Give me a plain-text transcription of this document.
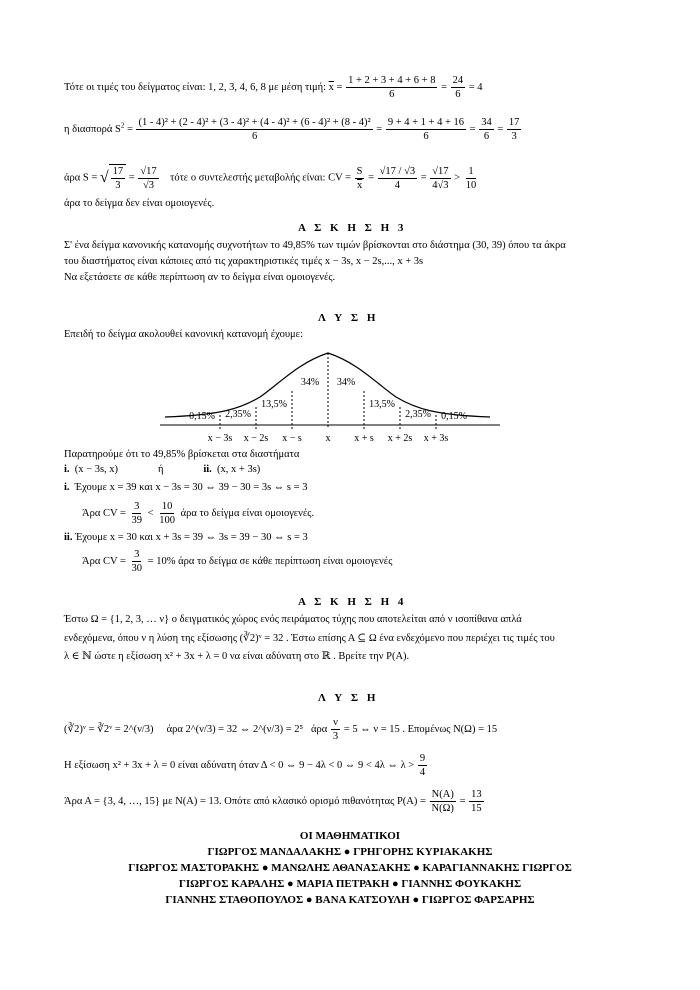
Τότε οι τιμές του δείγματος είναι: 1, 2, 3, 4, 6, 8 με μέση τιμή: $\overline{x} = \frac{1 + 2 + 3 + 4 + 6 + 8}{6} = \frac{24}{6} = 4$
η διασπορά $S^2$ =
(1 - 4)² + (2 - 4)² + (3 - 4)² + (4 - 4)² + (6 - 4)² + (8 - 4)²
6
= $\frac{9 + 4 + 1 + 4 + 16}{6} = \frac{34}{6} = \frac{17}{3}$
άρα S = √ $\frac{17}{3} = \frac{√17}{√3}$ τότε ο συντελεστής μεταβολής είναι: CV = $\frac{S}{x} = \frac{√17 / √3}{4} = \frac{√17}{4√3} > \frac{1}{10}$
άρα το δείγμα δεν είναι ομοιογενές.
Α Σ Κ Η Σ Η 3
Σ' ένα δείγμα κανονικής κατανομής συχνοτήτων το 49,85% των τιμών βρίσκονται στο διάστημα (30, 39) όπου τα άκρα
του διαστήματος είναι κάποιες από τις χαρακτηριστικές τιμές x − 3s, x − 2s,..., x + 3s
Να εξετάσετε σε κάθε περίπτωση αν το δείγμα είναι ομοιογενές.
Λ Υ Σ Η
Επειδή το δείγμα ακολουθεί κανονική κατανομή έχουμε:
0,15% 2,35%
13,5%
34% 34%
13,5%
2,35% 0,15%
x − 3s x − 2s x − s x x + s x + 2s x + 3s
Παρατηρούμε ότι το 49,85% βρίσκεται στα διαστήματα
i. (x − 3s, x)	ή	ii. (x, x + 3s)
i. Έχουμε x = 39 και x − 3s = 30 ⇔ 39 − 30 = 3s ⇔ s = 3
Άρα CV = $\frac{3}{39} < \frac{10}{100}$ άρα το δείγμα είναι ομοιογενές.
ii. Έχουμε x = 30 και x + 3s = 39 ⇔ 3s = 39 − 30 ⇔ s = 3
Άρα CV = $\frac{3}{30} = 10\%$ άρα το δείγμα σε κάθε περίπτωση είναι ομοιογενές
Α Σ Κ Η Σ Η 4
Έστω Ω = {1, 2, 3, … ν} ο δειγματικός χώρος ενός πειράματος τύχης που αποτελείται από ν ισοπίθανα απλά
ενδεχόμενα, όπου ν η λύση της εξίσωσης (∛2)ᵛ = 32 . Έστω επίσης Α ⊆ Ω ένα ενδεχόμενο που περιέχει τις τιμές του
λ ∈ ℕ ώστε η εξίσωση x² + 3x + λ = 0 να είναι αδύνατη στο ℝ . Βρείτε την Ρ(Α).
Λ Υ Σ Η
(∛2)ᵛ = ∛2ᵛ = 2^(ν/3) άρα 2^(ν/3) = 32 ⇔ 2^(ν/3) = 2⁵ άρα $\frac{\nu}{3} = 5$ ⇔ ν = 15 . Επομένως Ν(Ω) = 15
Η εξίσωση x² + 3x + λ = 0 είναι αδύνατη όταν Δ < 0 ⇔ 9 − 4λ < 0 ⇔ 9 < 4λ ⇔ $\lambda > \frac{9}{4}$
Άρα Α = {3, 4, …, 15} με Ν(Α) = 13. Οπότε από κλασικό ορισμό πιθανότητας $P(A) = \frac{N(A)}{N(\Omega)} = \frac{13}{15}$
ΟΙ ΜΑΘΗΜΑΤΙΚΟΙ
ΓΙΩΡΓΟΣ ΜΑΝΔΑΛΑΚΗΣ ● ΓΡΗΓΟΡΗΣ ΚΥΡΙΑΚΑΚΗΣ
ΓΙΩΡΓΟΣ ΜΑΣΤΟΡΑΚΗΣ ● ΜΑΝΩΛΗΣ ΑΘΑΝΑΣΑΚΗΣ ● ΚΑΡΑΓΙΑΝΝΑΚΗΣ ΓΙΩΡΓΟΣ
ΓΙΩΡΓΟΣ ΚΑΡΑΛΗΣ ● ΜΑΡΙΑ ΠΕΤΡΑΚΗ ● ΓΙΑΝΝΗΣ ΦΟΥΚΑΚΗΣ
ΓΙΑΝΝΗΣ ΣΤΑΘΟΠΟΥΛΟΣ ● ΒΑΝΑ ΚΑΤΣΟΥΛΗ ● ΓΙΩΡΓΟΣ ΦΑΡΣΑΡΗΣ
